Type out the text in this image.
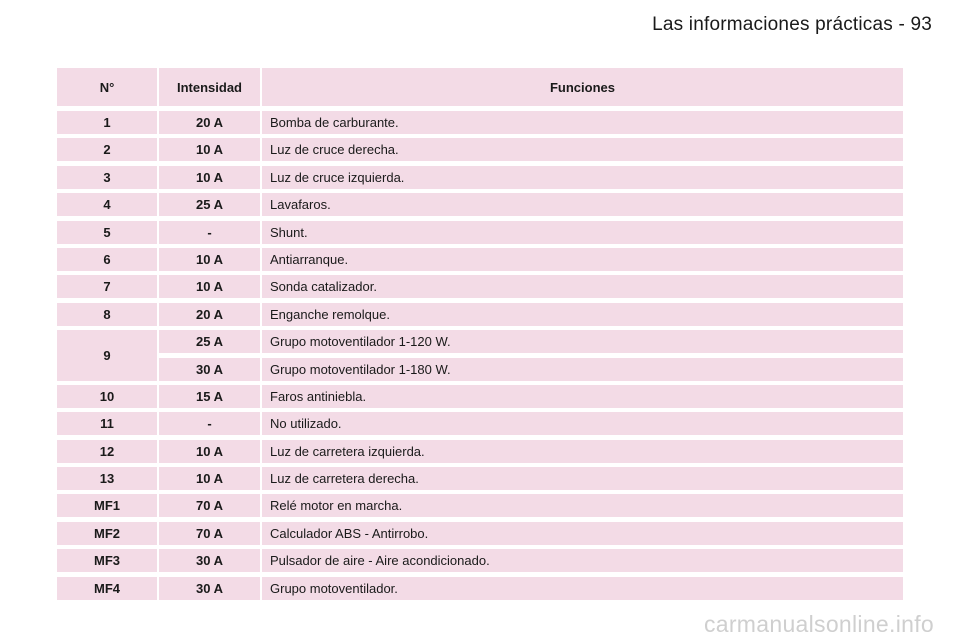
Las informaciones prácticas - 93
N°	Intensidad	Funciones
1	20 A	Bomba de carburante.
2	10 A	Luz de cruce derecha.
3	10 A	Luz de cruce izquierda.
4	25 A	Lavafaros.
5	-	Shunt.
6	10 A	Antiarranque.
7	10 A	Sonda catalizador.
8	20 A	Enganche remolque.
9
25 A	Grupo motoventilador 1-120 W.
30 A	Grupo motoventilador 1-180 W.
10	15 A	Faros antiniebla.
11	-	No utilizado.
12	10 A	Luz de carretera izquierda.
13	10 A	Luz de carretera derecha.
MF1	70 A	Relé motor en marcha.
MF2	70 A	Calculador ABS - Antirrobo.
MF3	30 A	Pulsador de aire - Aire acondicionado.
MF4	30 A	Grupo motoventilador.
carmanualsonline.info
